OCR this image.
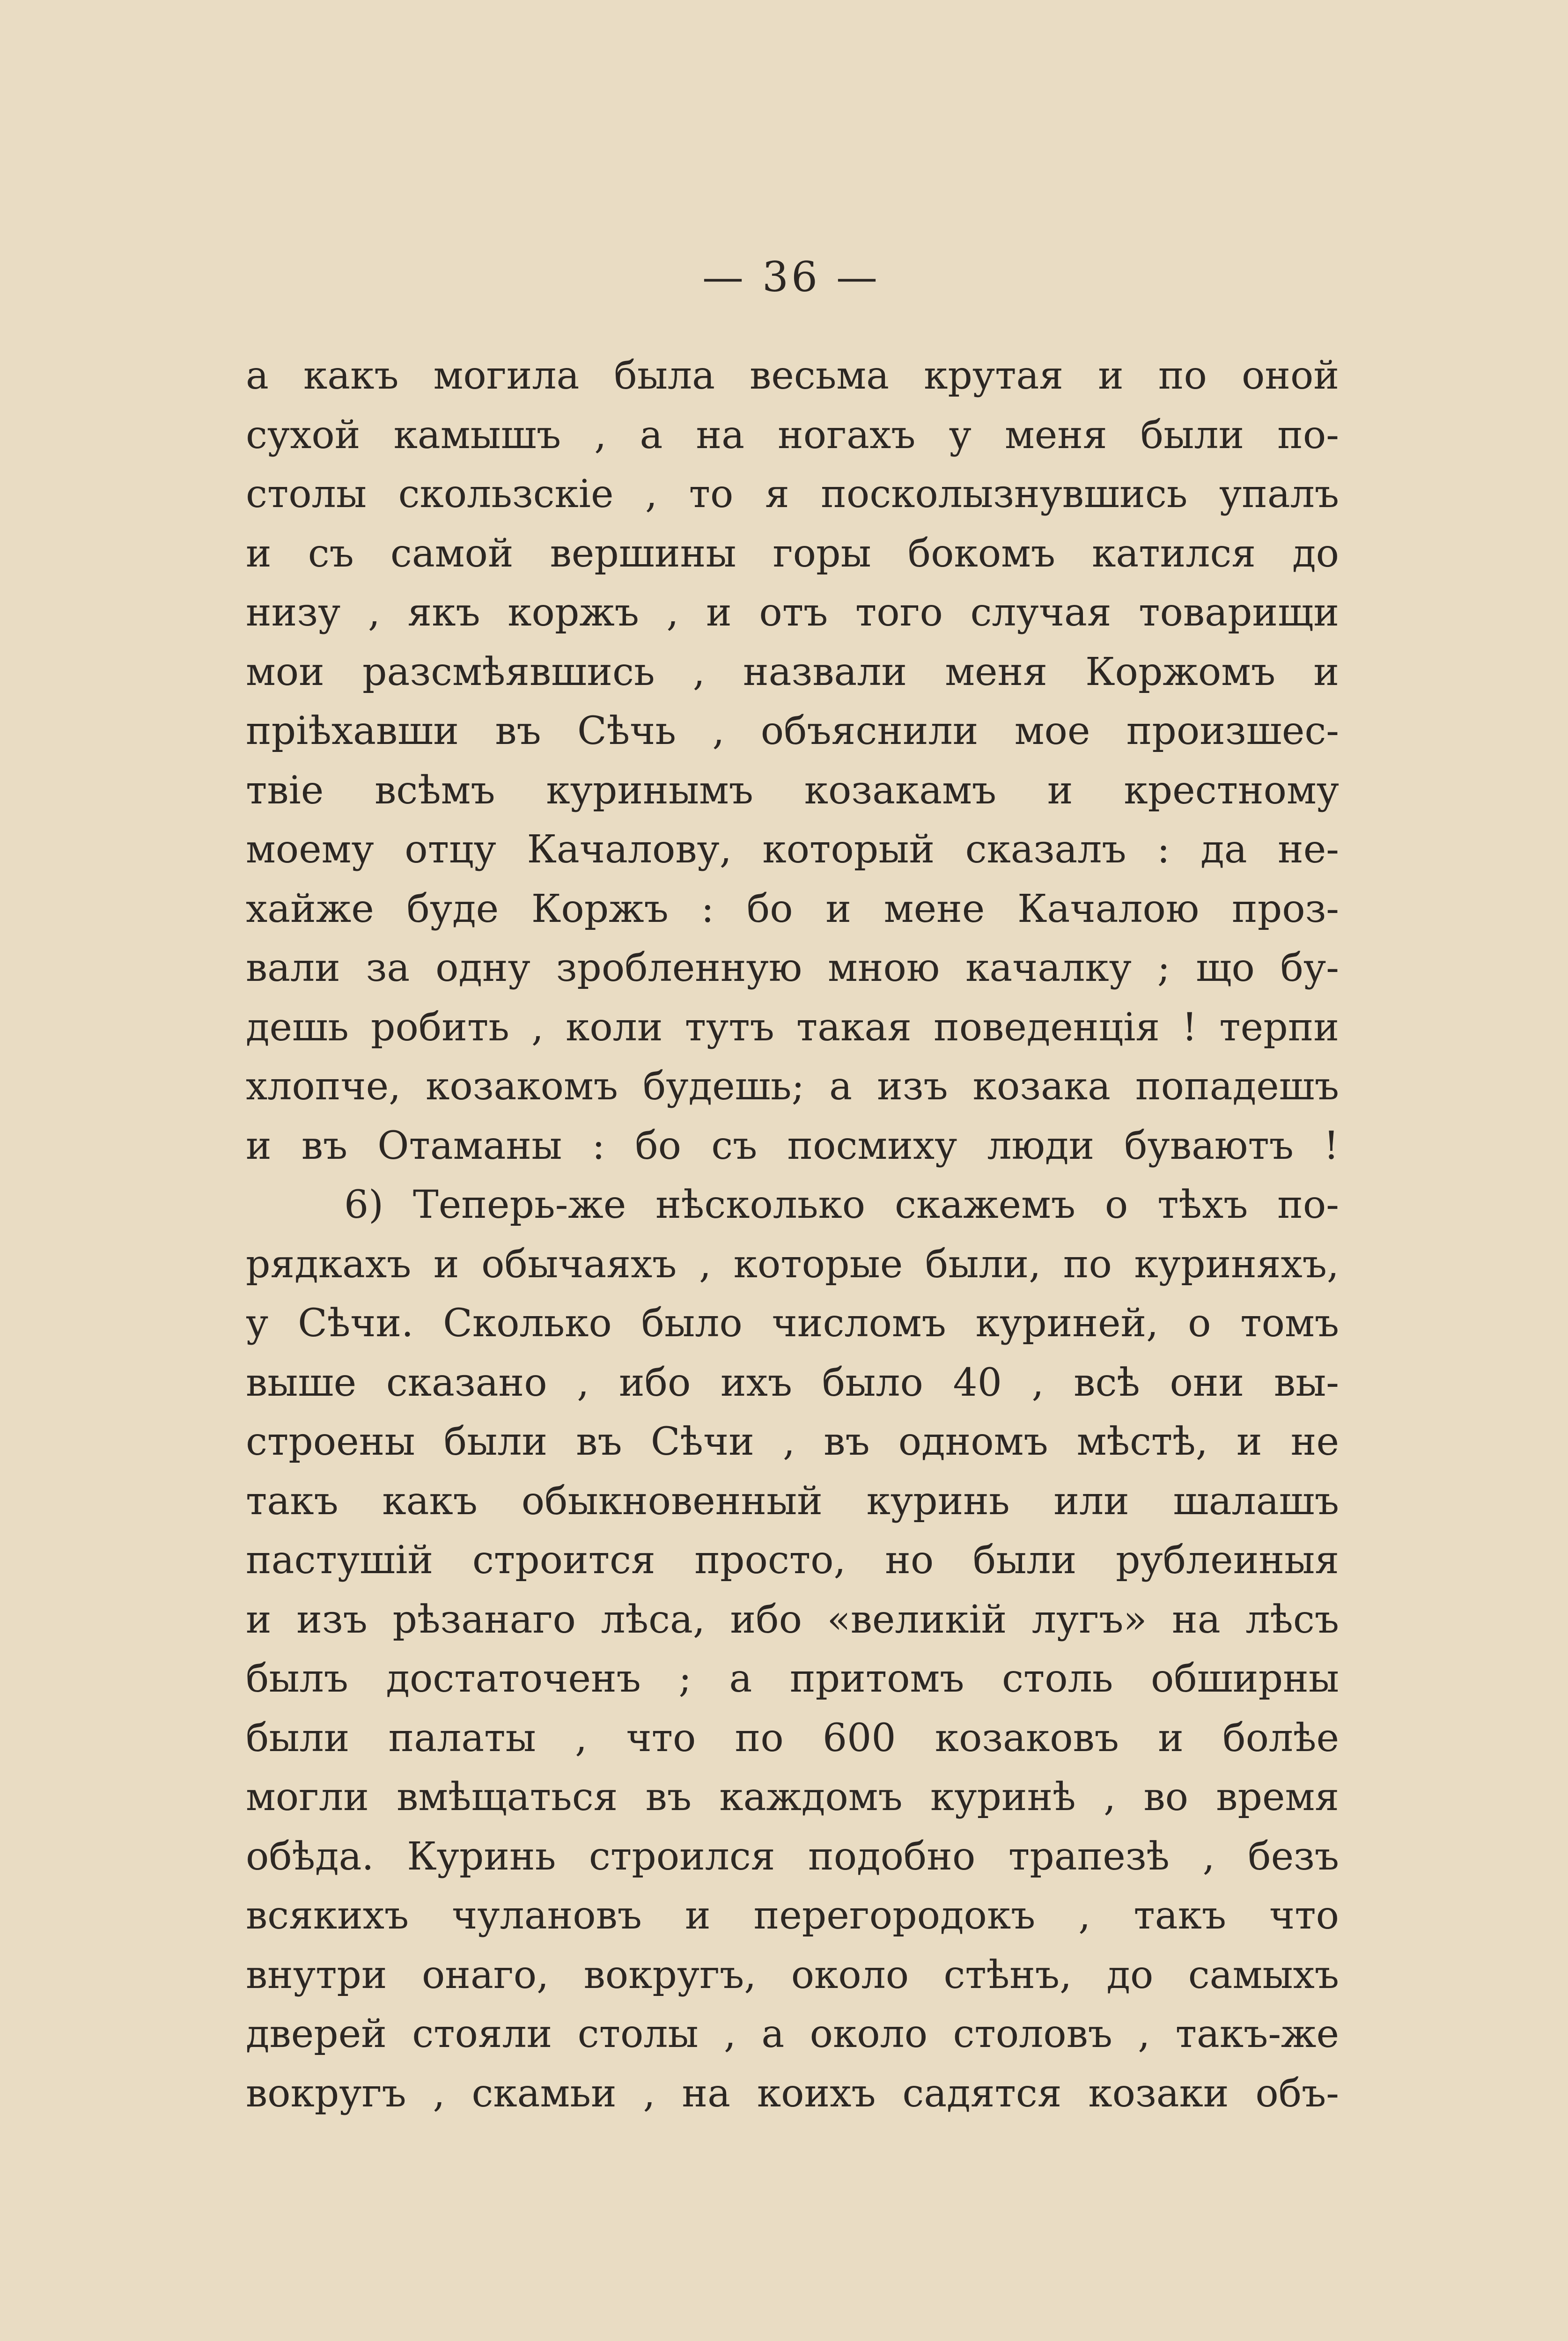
— 36 —
а какъ могила была весьма крутая и по оной
сухой камышъ , а на ногахъ у меня были по-
столы скользскіе , то я посколызнувшись упалъ
и съ самой вершины горы бокомъ катился до
низу , якъ коржъ , и отъ того случая товарищи
мои разсмѣявшись , назвали меня Коржомъ и
пріѣхавши въ Сѣчь , объяснили мое произшес-
твіе всѣмъ куринымъ козакамъ и крестному
моему отцу Качалову, который сказалъ : да не-
хайже буде Коржъ : бо и мене Качалою проз-
вали за одну зробленную мною качалку ; що бу-
дешь робить , коли тутъ такая поведенція ! терпи
хлопче, козакомъ будешь; а изъ козака попадешъ
и въ Отаманы : бо съ посмиху люди буваютъ !
6) Теперь-же нѣсколько скажемъ о тѣхъ по-
рядкахъ и обычаяхъ , которые были, по куриняхъ,
у Сѣчи. Сколько было числомъ куриней, о томъ
выше сказано , ибо ихъ было 40 , всѣ они вы-
строены были въ Сѣчи , въ одномъ мѣстѣ, и не
такъ какъ обыкновенный куринь или шалашъ
пастушій строится просто, но были рублеиныя
и изъ рѣзанаго лѣса, ибо «великій лугъ» на лѣсъ
былъ достаточенъ ; а притомъ столь обширны
были палаты , что по 600 козаковъ и болѣе
могли вмѣщаться въ каждомъ куринѣ , во время
обѣда. Куринь строился подобно трапезѣ , безъ
всякихъ чулановъ и перегородокъ , такъ что
внутри онаго, вокругъ, около стѣнъ, до самыхъ
дверей стояли столы , а около столовъ , такъ-же
вокругъ , скамьи , на коихъ садятся козаки объ-
